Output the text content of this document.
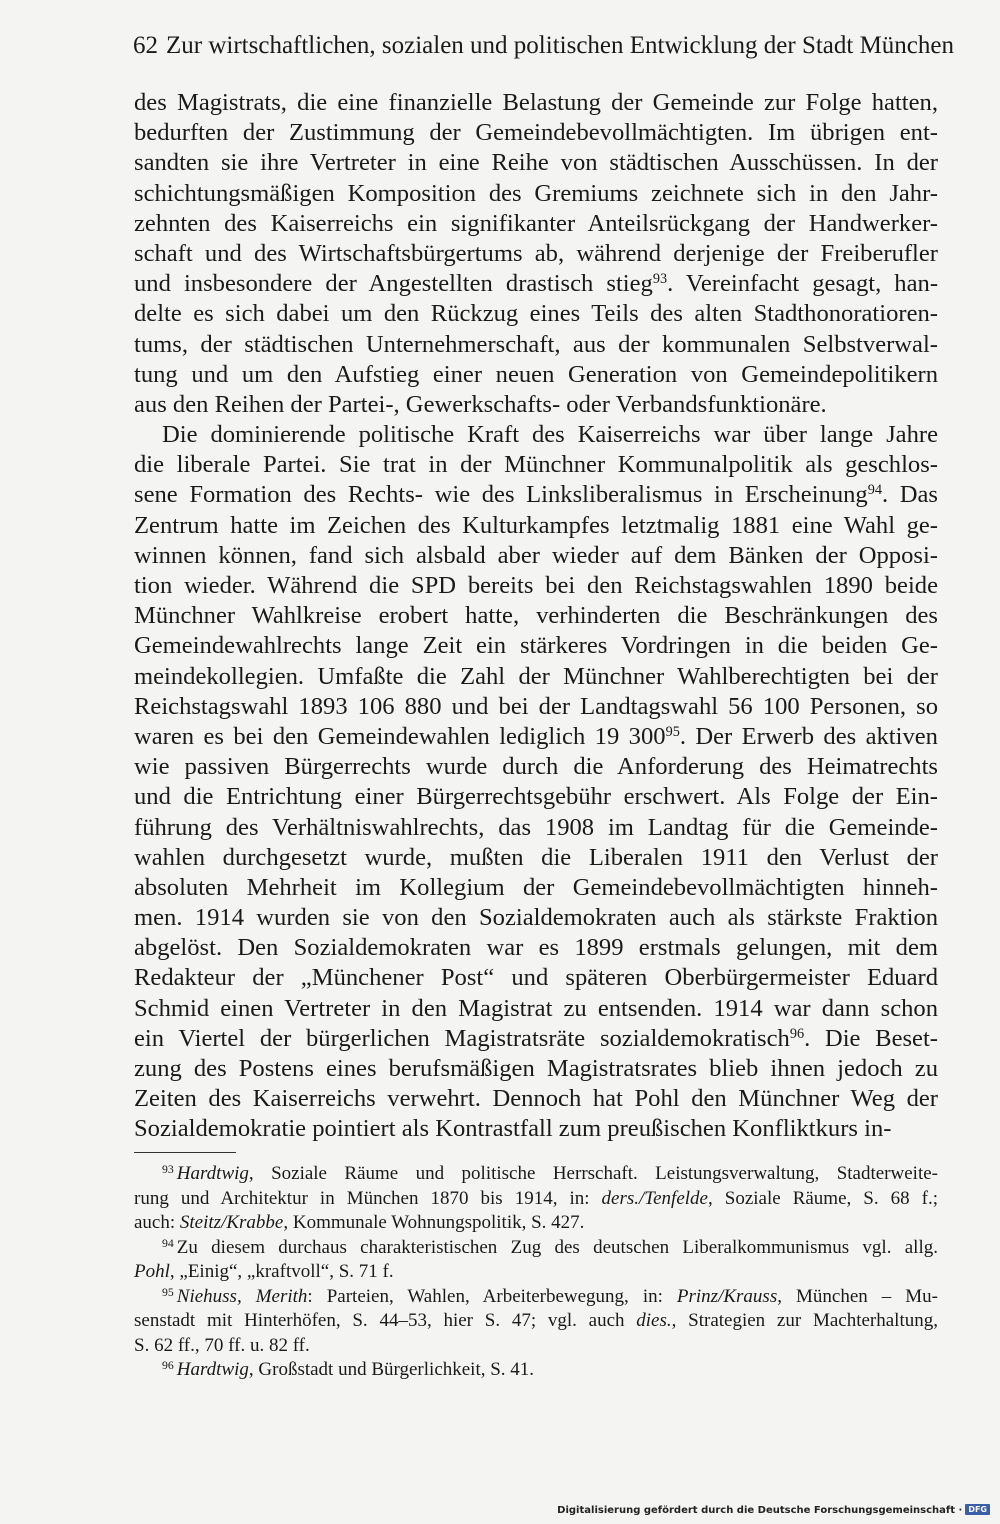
62 Zur wirtschaftlichen, sozialen und politischen Entwicklung der Stadt München
des Magistrats, die eine finanzielle Belastung der Gemeinde zur Folge hatten,
bedurften der Zustimmung der Gemeindebevollmächtigten. Im übrigen ent-
sandten sie ihre Vertreter in eine Reihe von städtischen Ausschüssen. In der
schichtungsmäßigen Komposition des Gremiums zeichnete sich in den Jahr-
zehnten des Kaiserreichs ein signifikanter Anteilsrückgang der Handwerker-
schaft und des Wirtschaftsbürgertums ab, während derjenige der Freiberufler
und insbesondere der Angestellten drastisch stieg$^{93}$. Vereinfacht gesagt, han-
delte es sich dabei um den Rückzug eines Teils des alten Stadthonoratioren-
tums, der städtischen Unternehmerschaft, aus der kommunalen Selbstverwal-
tung und um den Aufstieg einer neuen Generation von Gemeindepolitikern
aus den Reihen der Partei-, Gewerkschafts- oder Verbandsfunktionäre.
Die dominierende politische Kraft des Kaiserreichs war über lange Jahre
die liberale Partei. Sie trat in der Münchner Kommunalpolitik als geschlos-
sene Formation des Rechts- wie des Linksliberalismus in Erscheinung$^{94}$. Das
Zentrum hatte im Zeichen des Kulturkampfes letztmalig 1881 eine Wahl ge-
winnen können, fand sich alsbald aber wieder auf dem Bänken der Opposi-
tion wieder. Während die SPD bereits bei den Reichstagswahlen 1890 beide
Münchner Wahlkreise erobert hatte, verhinderten die Beschränkungen des
Gemeindewahlrechts lange Zeit ein stärkeres Vordringen in die beiden Ge-
meindekollegien. Umfaßte die Zahl der Münchner Wahlberechtigten bei der
Reichstagswahl 1893 106 880 und bei der Landtagswahl 56 100 Personen, so
waren es bei den Gemeindewahlen lediglich 19 $300^{95}$. Der Erwerb des aktiven
wie passiven Bürgerrechts wurde durch die Anforderung des Heimatrechts
und die Entrichtung einer Bürgerrechtsgebühr erschwert. Als Folge der Ein-
führung des Verhältniswahlrechts, das 1908 im Landtag für die Gemeinde-
wahlen durchgesetzt wurde, mußten die Liberalen 1911 den Verlust der
absoluten Mehrheit im Kollegium der Gemeindebevollmächtigten hinneh-
men. 1914 wurden sie von den Sozialdemokraten auch als stärkste Fraktion
abgelöst. Den Sozialdemokraten war es 1899 erstmals gelungen, mit dem
Redakteur der „Münchener Post“ und späteren Oberbürgermeister Eduard
Schmid einen Vertreter in den Magistrat zu entsenden. 1914 war dann schon
ein Viertel der bürgerlichen Magistratsräte sozialdemokratisch$^{96}$. Die Beset-
zung des Postens eines berufsmäßigen Magistratsrates blieb ihnen jedoch zu
Zeiten des Kaiserreichs verwehrt. Dennoch hat Pohl den Münchner Weg der
Sozialdemokratie pointiert als Kontrastfall zum preußischen Konfliktkurs in-
$^{93}$ Hardtwig, Soziale Räume und politische Herrschaft. Leistungsverwaltung, Stadterweite-
rung und Architektur in München 1870 bis 1914, in: ders./Tenfelde, Soziale Räume, S. 68 f.;
auch: Steitz/Krabbe, Kommunale Wohnungspolitik, S. 427.
$^{94}$ Zu diesem durchaus charakteristischen Zug des deutschen Liberalkommunismus vgl. allg.
Pohl, „Einig“, „kraftvoll“, S. 71 f.
$^{95}$ Niehuss, Merith: Parteien, Wahlen, Arbeiterbewegung, in: Prinz/Krauss, München – Mu-
senstadt mit Hinterhöfen, S. 44–53, hier S. 47; vgl. auch dies., Strategien zur Machterhaltung,
S. 62 ff., 70 ff. u. 82 ff.
$^{96}$ Hardtwig, Großstadt und Bürgerlichkeit, S. 41.
Digitalisierung gefördert durch die Deutsche Forschungsgemeinschaft · DFG
